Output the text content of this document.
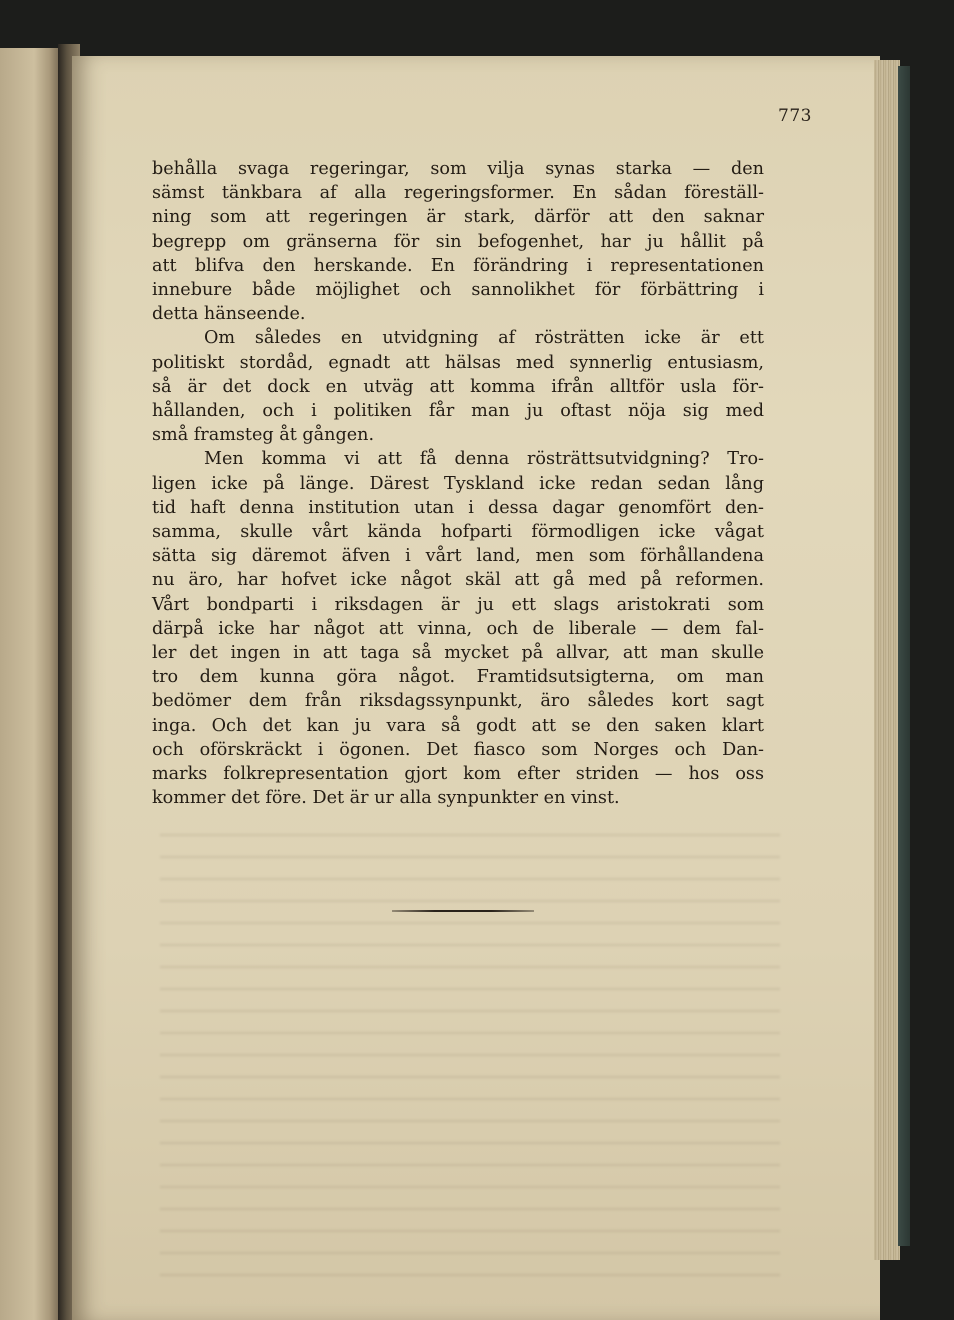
773
behålla svaga regeringar, som vilja synas starka — den
sämst tänkbara af alla regeringsformer. En sådan föreställ-
ning som att regeringen är stark, därför att den saknar
begrepp om gränserna för sin befogenhet, har ju hållit på
att blifva den herskande. En förändring i representationen
innebure både möjlighet och sannolikhet för förbättring i
detta hänseende.
Om således en utvidgning af rösträtten icke är ett
politiskt stordåd, egnadt att hälsas med synnerlig entusiasm,
så är det dock en utväg att komma ifrån alltför usla för-
hållanden, och i politiken får man ju oftast nöja sig med
små framsteg åt gången.
Men komma vi att få denna rösträttsutvidgning? Tro-
ligen icke på länge. Därest Tyskland icke redan sedan lång
tid haft denna institution utan i dessa dagar genomfört den-
samma, skulle vårt kända hofparti förmodligen icke vågat
sätta sig däremot äfven i vårt land, men som förhållandena
nu äro, har hofvet icke något skäl att gå med på reformen.
Vårt bondparti i riksdagen är ju ett slags aristokrati som
därpå icke har något att vinna, och de liberale — dem fal-
ler det ingen in att taga så mycket på allvar, att man skulle
tro dem kunna göra något. Framtidsutsigterna, om man
bedömer dem från riksdagssynpunkt, äro således kort sagt
inga. Och det kan ju vara så godt att se den saken klart
och oförskräckt i ögonen. Det fiasco som Norges och Dan-
marks folkrepresentation gjort kom efter striden — hos oss
kommer det före. Det är ur alla synpunkter en vinst.
